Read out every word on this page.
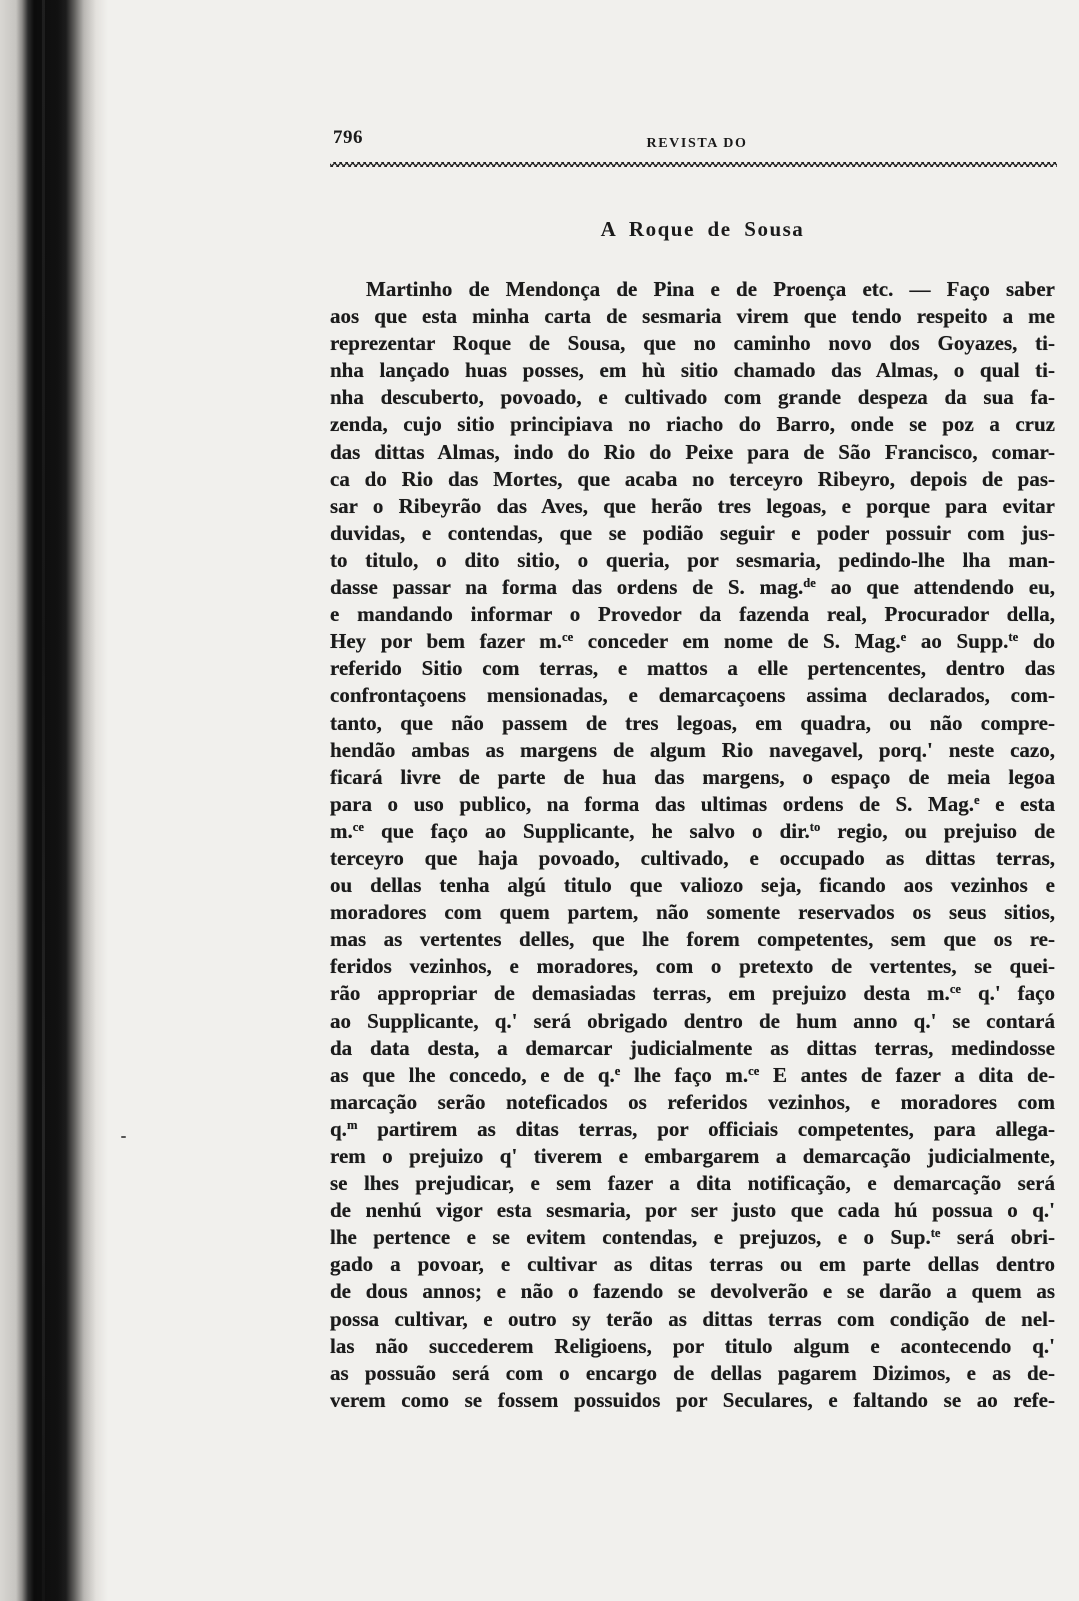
796	REVISTA DO
A Roque de Sousa
Martinho de Mendonça de Pina e de Proença etc. — Faço saber
aos que esta minha carta de sesmaria virem que tendo respeito a me
reprezentar Roque de Sousa, que no caminho novo dos Goyazes, ti-
nha lançado huas posses, em hù sitio chamado das Almas, o qual ti-
nha descuberto, povoado, e cultivado com grande despeza da sua fa-
zenda, cujo sitio principiava no riacho do Barro, onde se poz a cruz
das dittas Almas, indo do Rio do Peixe para de São Francisco, comar-
ca do Rio das Mortes, que acaba no terceyro Ribeyro, depois de pas-
sar o Ribeyrão das Aves, que herão tres legoas, e porque para evitar
duvidas, e contendas, que se podião seguir e poder possuir com jus-
to titulo, o dito sitio, o queria, por sesmaria, pedindo-lhe lha man-
dasse passar na forma das ordens de S. mag.$^{de}$ ao que attendendo eu,
e mandando informar o Provedor da fazenda real, Procurador della,
Hey por bem fazer m.$^{ce}$ conceder em nome de S. Mag.$^e$ ao Supp.$^{te}$ do
referido Sitio com terras, e mattos a elle pertencentes, dentro das
confrontaçoens mensionadas, e demarcaçoens assima declarados, com-
tanto, que não passem de tres legoas, em quadra, ou não compre-
hendão ambas as margens de algum Rio navegavel, porq.' neste cazo,
ficará livre de parte de hua das margens, o espaço de meia legoa
para o uso publico, na forma das ultimas ordens de S. Mag.$^e$ e esta
m.$^{ce}$ que faço ao Supplicante, he salvo o dir.$^{to}$ regio, ou prejuiso de
terceyro que haja povoado, cultivado, e occupado as dittas terras,
ou dellas tenha algú titulo que valiozo seja, ficando aos vezinhos e
moradores com quem partem, não somente reservados os seus sitios,
mas as vertentes delles, que lhe forem competentes, sem que os re-
feridos vezinhos, e moradores, com o pretexto de vertentes, se quei-
rão appropriar de demasiadas terras, em prejuizo desta m.$^{ce}$ q.' faço
ao Supplicante, q.' será obrigado dentro de hum anno q.' se contará
da data desta, a demarcar judicialmente as dittas terras, medindosse
as que lhe concedo, e de q.$^e$ lhe faço m.$^{ce}$ E antes de fazer a dita de-
marcação serão noteficados os referidos vezinhos, e moradores com
q.$^m$ partirem as ditas terras, por officiais competentes, para allega-
rem o prejuizo q' tiverem e embargarem a demarcação judicialmente,
se lhes prejudicar, e sem fazer a dita notificação, e demarcação será
de nenhú vigor esta sesmaria, por ser justo que cada hú possua o q.'
lhe pertence e se evitem contendas, e prejuzos, e o Sup.$^{te}$ será obri-
gado a povoar, e cultivar as ditas terras ou em parte dellas dentro
de dous annos; e não o fazendo se devolverão e se darão a quem as
possa cultivar, e outro sy terão as dittas terras com condição de nel-
las não succederem Religioens, por titulo algum e acontecendo q.'
as possuão será com o encargo de dellas pagarem Dizimos, e as de-
verem como se fossem possuidos por Seculares, e faltando se ao refe-
